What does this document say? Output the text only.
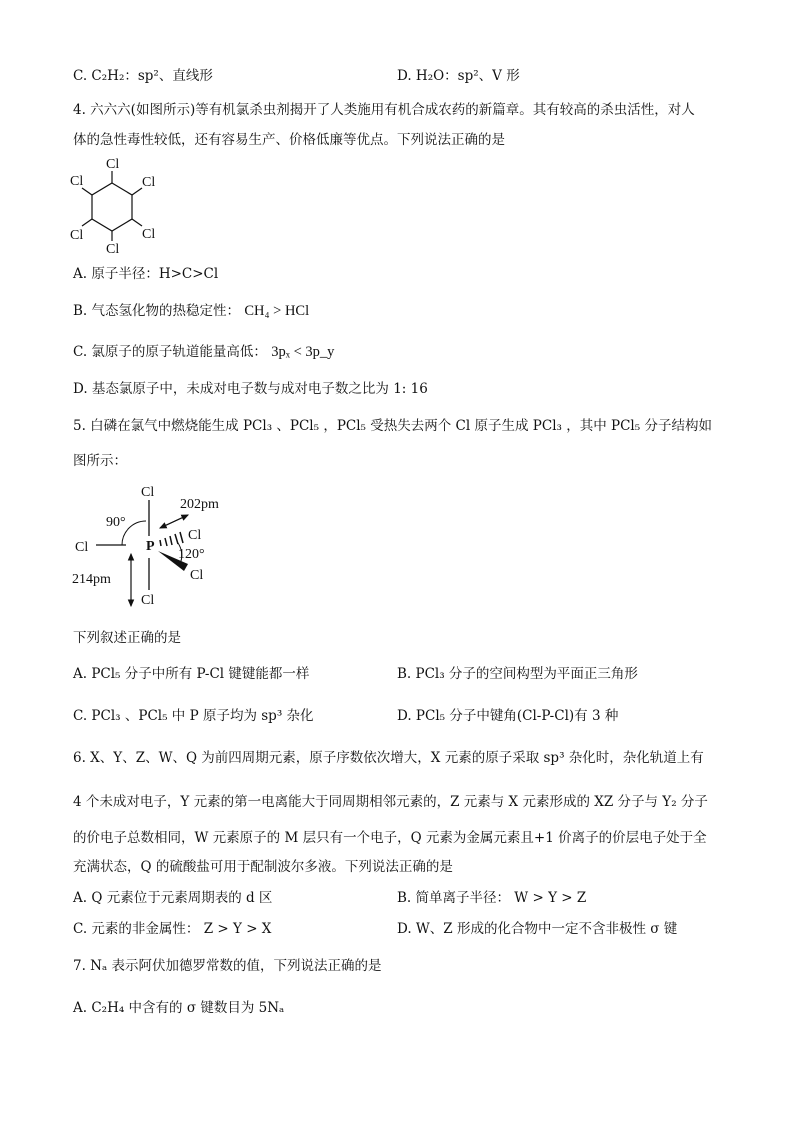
C. C₂H₂：sp²、直线形	D. H₂O：sp²、V 形
4. 六六六(如图所示)等有机氯杀虫剂揭开了人类施用有机合成农药的新篇章。其有较高的杀虫活性，对人
体的急性毒性较低，还有容易生产、价格低廉等优点。下列说法正确的是
Cl
Cl
Cl
Cl
Cl
Cl
A. 原子半径：H>C>Cl
B. 气态氢化物的热稳定性： CH₄ > HCl
C. 氯原子的原子轨道能量高低： 3pₓ < 3p_y
D. 基态氯原子中，未成对电子数与成对电子数之比为 1: 16
5. 白磷在氯气中燃烧能生成 PCl₃ 、PCl₅ ，PCl₅ 受热失去两个 Cl 原子生成 PCl₃ ，其中 PCl₅ 分子结构如
图所示：
Cl
Cl
Cl
Cl
Cl
P
90°
120°
202pm
214pm
下列叙述正确的是
A. PCl₅ 分子中所有 P-Cl 键键能都一样	B. PCl₃ 分子的空间构型为平面正三角形
C. PCl₃ 、PCl₅ 中 P 原子均为 sp³ 杂化	D. PCl₅ 分子中键角(Cl-P-Cl)有 3 种
6. X、Y、Z、W、Q 为前四周期元素，原子序数依次增大，X 元素的原子采取 sp³ 杂化时，杂化轨道上有
4 个未成对电子，Y 元素的第一电离能大于同周期相邻元素的，Z 元素与 X 元素形成的 XZ 分子与 Y₂ 分子
的价电子总数相同，W 元素原子的 M 层只有一个电子，Q 元素为金属元素且+1 价离子的价层电子处于全
充满状态，Q 的硫酸盐可用于配制波尔多液。下列说法正确的是
A. Q 元素位于元素周期表的 d 区	B. 简单离子半径： W > Y > Z
C. 元素的非金属性： Z > Y > X	D. W、Z 形成的化合物中一定不含非极性 σ 键
7. Nₐ 表示阿伏加德罗常数的值，下列说法正确的是
A. C₂H₄ 中含有的 σ 键数目为 5Nₐ
